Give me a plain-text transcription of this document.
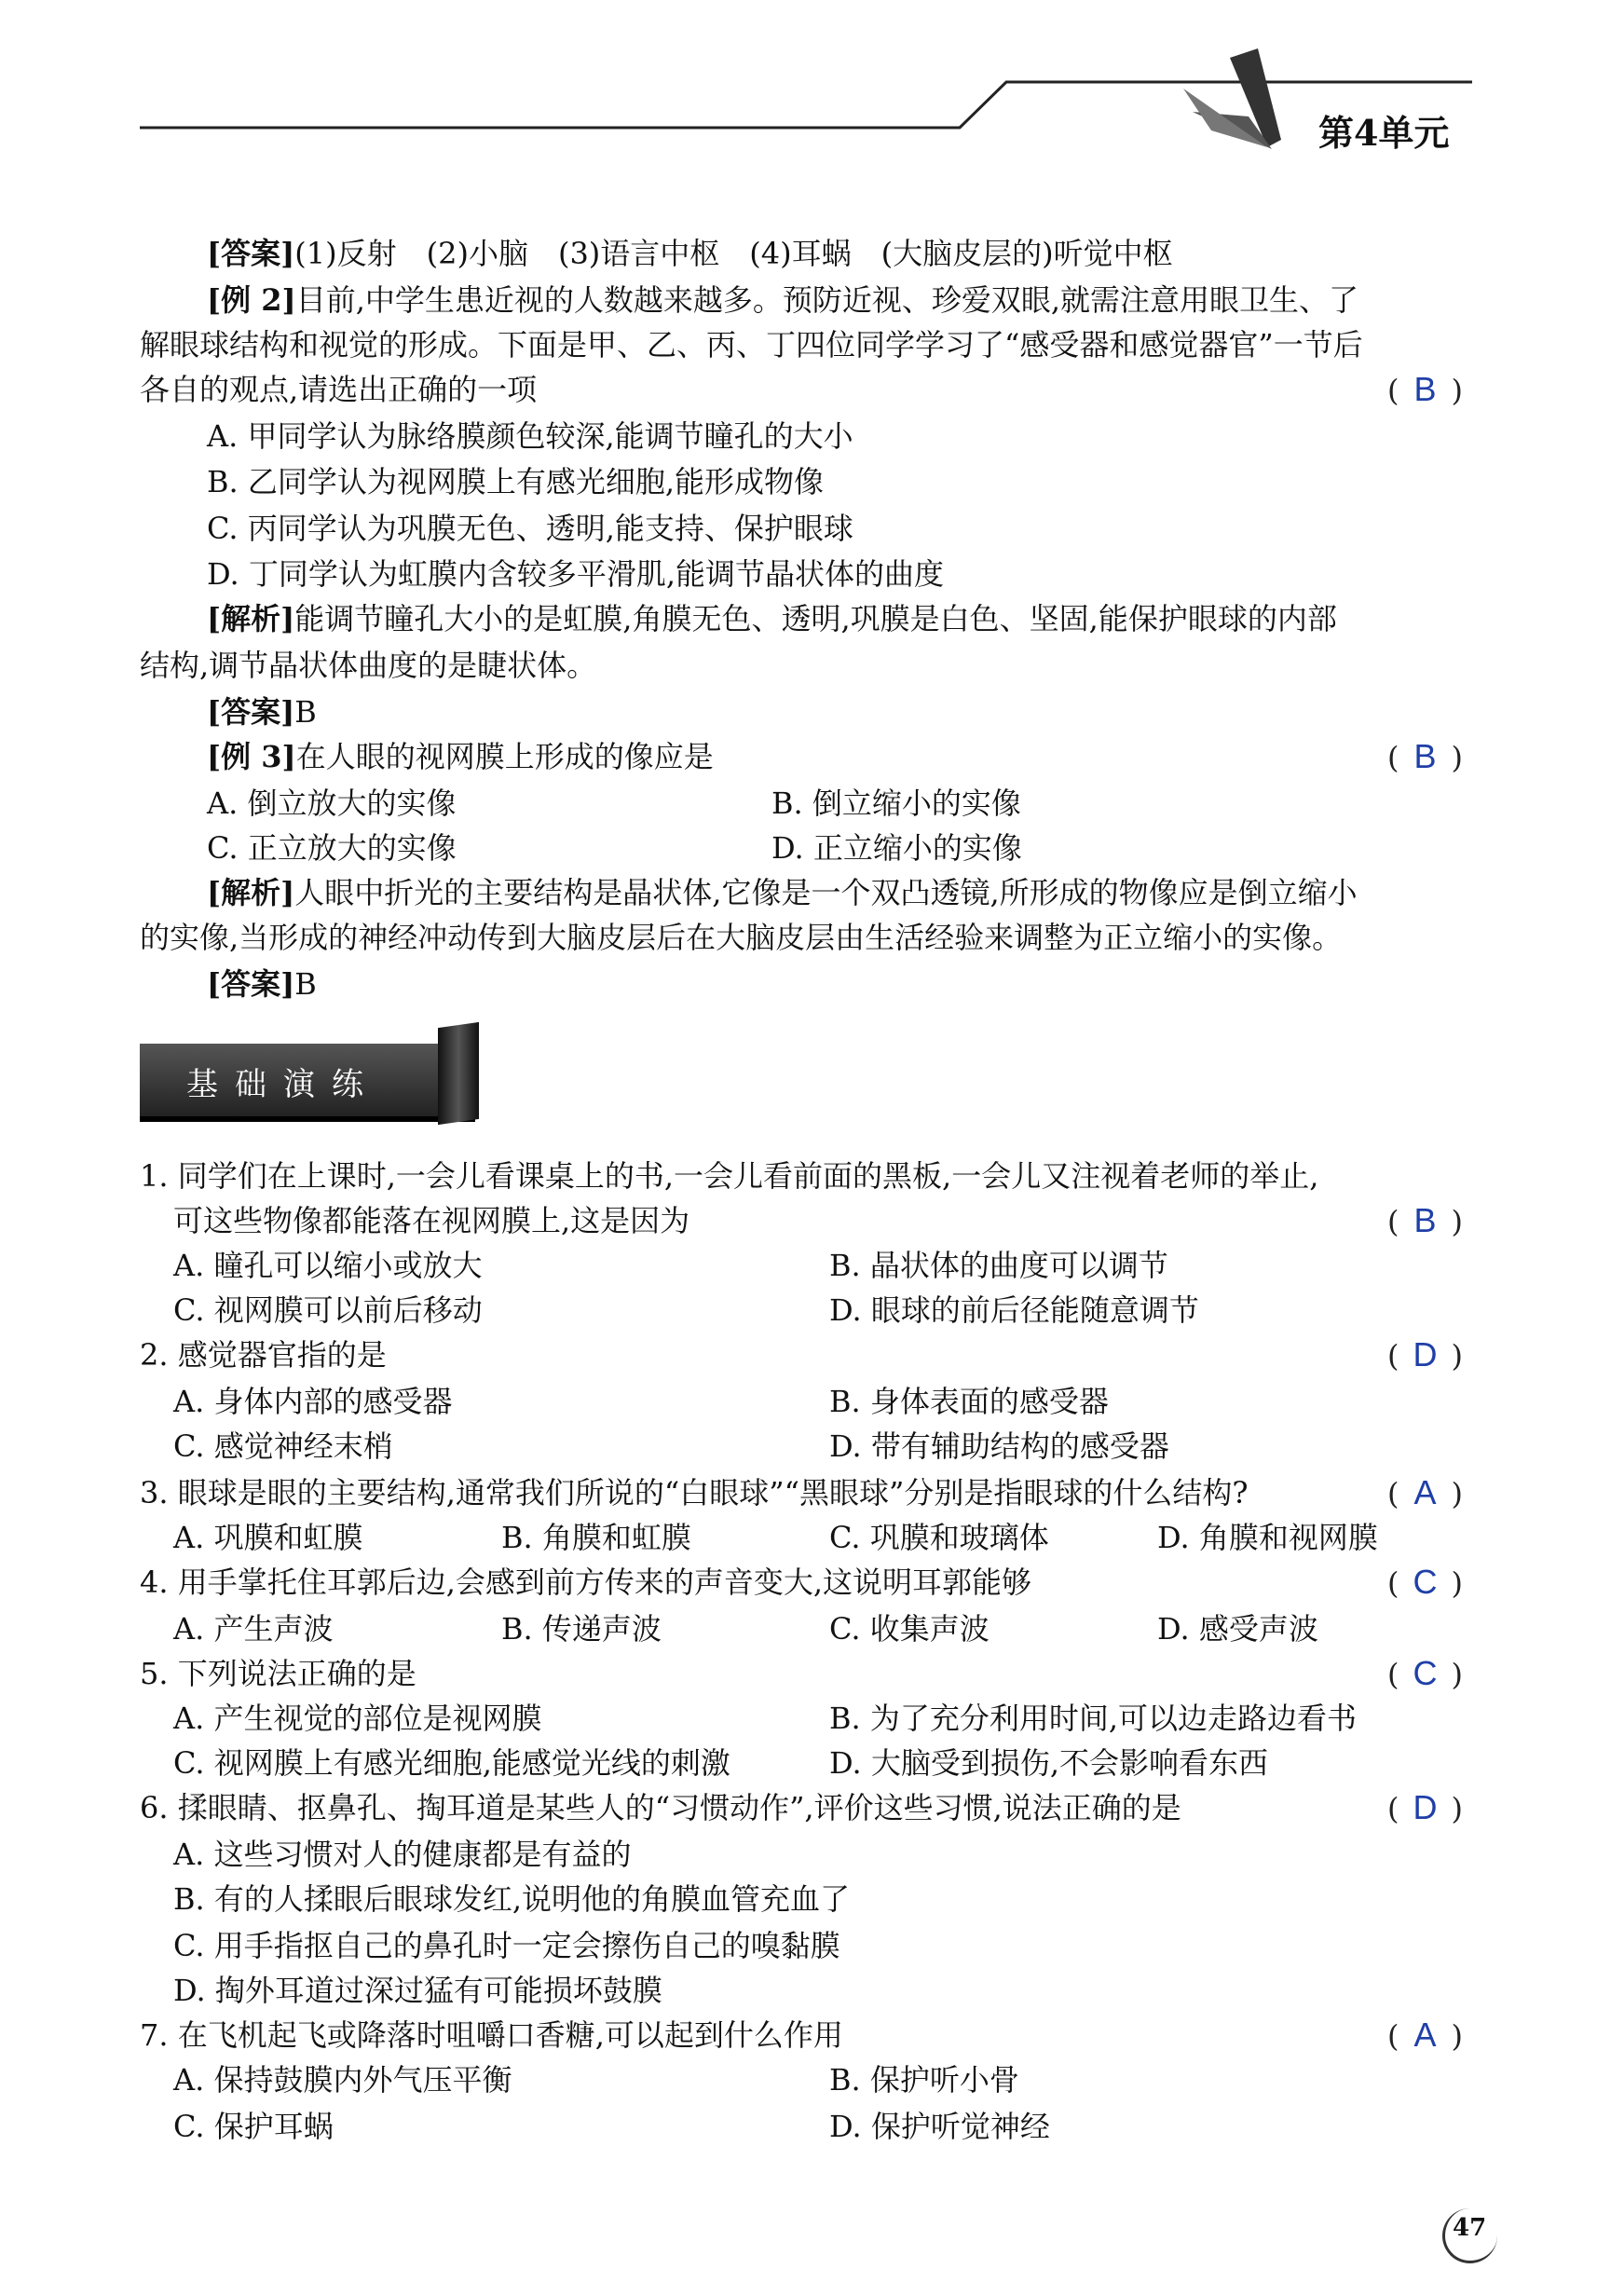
第4单元
[答案](1)反射　(2)小脑　(3)语言中枢　(4)耳蜗　(大脑皮层的)听觉中枢
[例 2]目前,中学生患近视的人数越来越多。预防近视、珍爱双眼,就需注意用眼卫生、了
解眼球结构和视觉的形成。下面是甲、乙、丙、丁四位同学学习了“感受器和感觉器官”一节后
各自的观点,请选出正确的一项	( B )
A. 甲同学认为脉络膜颜色较深,能调节瞳孔的大小
B. 乙同学认为视网膜上有感光细胞,能形成物像
C. 丙同学认为巩膜无色、透明,能支持、保护眼球
D. 丁同学认为虹膜内含较多平滑肌,能调节晶状体的曲度
[解析]能调节瞳孔大小的是虹膜,角膜无色、透明,巩膜是白色、坚固,能保护眼球的内部
结构,调节晶状体曲度的是睫状体。
[答案]B
[例 3]在人眼的视网膜上形成的像应是	( B )
A. 倒立放大的实像	B. 倒立缩小的实像
C. 正立放大的实像	D. 正立缩小的实像
[解析]人眼中折光的主要结构是晶状体,它像是一个双凸透镜,所形成的物像应是倒立缩小
的实像,当形成的神经冲动传到大脑皮层后在大脑皮层由生活经验来调整为正立缩小的实像。
[答案]B
基础演练
1. 同学们在上课时,一会儿看课桌上的书,一会儿看前面的黑板,一会儿又注视着老师的举止,
可这些物像都能落在视网膜上,这是因为	( B )
A. 瞳孔可以缩小或放大	B. 晶状体的曲度可以调节
C. 视网膜可以前后移动	D. 眼球的前后径能随意调节
2. 感觉器官指的是	( D )
A. 身体内部的感受器	B. 身体表面的感受器
C. 感觉神经末梢	D. 带有辅助结构的感受器
3. 眼球是眼的主要结构,通常我们所说的“白眼球”“黑眼球”分别是指眼球的什么结构?	( A )
A. 巩膜和虹膜	B. 角膜和虹膜	C. 巩膜和玻璃体	D. 角膜和视网膜
4. 用手掌托住耳郭后边,会感到前方传来的声音变大,这说明耳郭能够	( C )
A. 产生声波	B. 传递声波	C. 收集声波	D. 感受声波
5. 下列说法正确的是	( C )
A. 产生视觉的部位是视网膜	B. 为了充分利用时间,可以边走路边看书
C. 视网膜上有感光细胞,能感觉光线的刺激	D. 大脑受到损伤,不会影响看东西
6. 揉眼睛、抠鼻孔、掏耳道是某些人的“习惯动作”,评价这些习惯,说法正确的是	( D )
A. 这些习惯对人的健康都是有益的
B. 有的人揉眼后眼球发红,说明他的角膜血管充血了
C. 用手指抠自己的鼻孔时一定会擦伤自己的嗅黏膜
D. 掏外耳道过深过猛有可能损坏鼓膜
7. 在飞机起飞或降落时咀嚼口香糖,可以起到什么作用	( A )
A. 保持鼓膜内外气压平衡	B. 保护听小骨
C. 保护耳蜗	D. 保护听觉神经
47
